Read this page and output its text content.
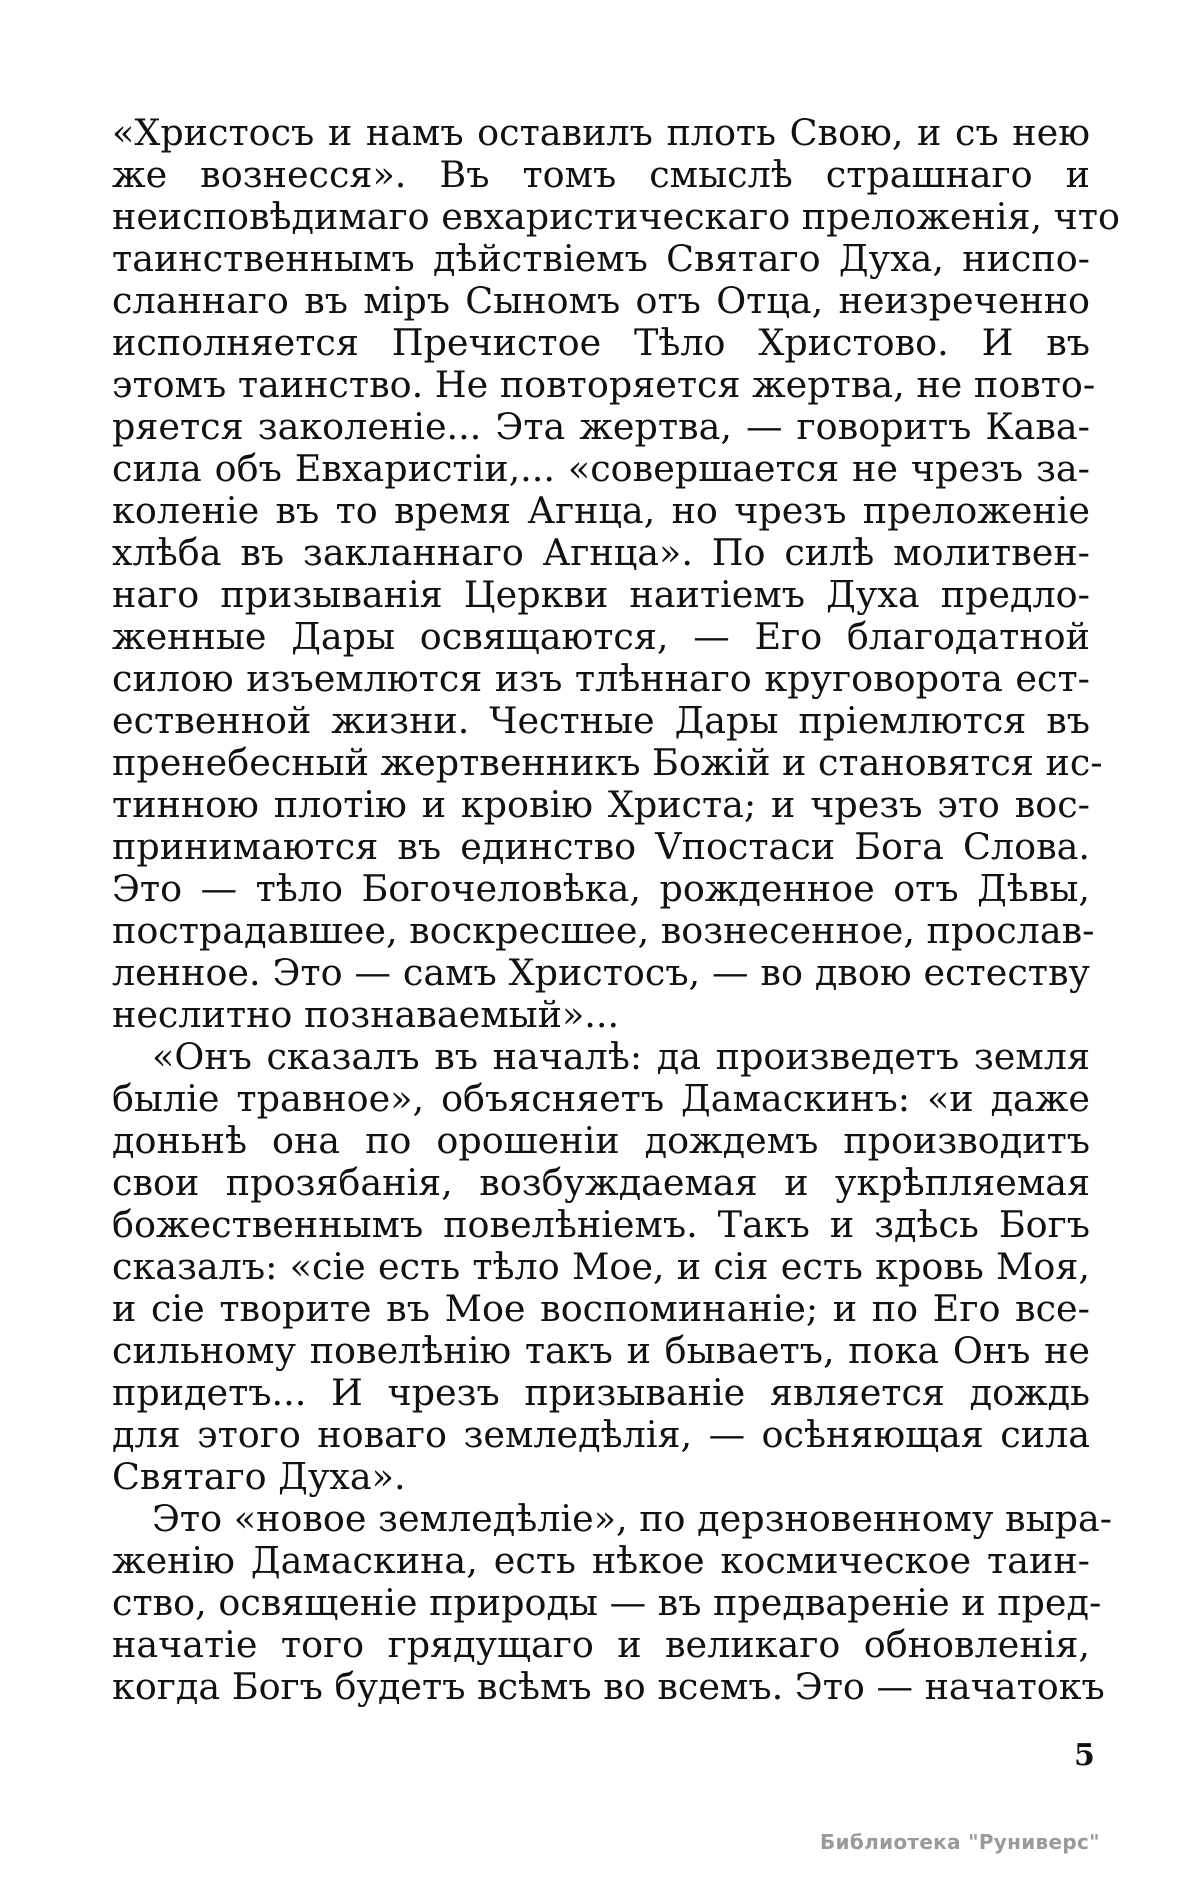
«Христосъ и намъ оставилъ плоть Свою, и съ нею
же вознесся». Въ томъ смыслѣ страшнаго и
неисповѣдимаго евхаристическаго преложенія, что
таинственнымъ дѣйствіемъ Святаго Духа, ниспо-
сланнаго въ міръ Сыномъ отъ Отца, неизреченно
исполняется Пречистое Тѣло Христово. И въ
этомъ таинство. Не повторяется жертва, не повто-
ряется заколеніе... Эта жертва, — говоритъ Кава-
сила объ Евхаристіи,... «совершается не чрезъ за-
коленіе въ то время Агнца, но чрезъ преложеніе
хлѣба въ закланнаго Агнца». По силѣ молитвен-
наго призыванія Церкви наитіемъ Духа предло-
женные Дары освящаются, — Его благодатной
силою изъемлются изъ тлѣннаго круговорота ест-
ественной жизни. Честные Дары пріемлются въ
пренебесный жертвенникъ Божій и становятся ис-
тинною плотію и кровію Христа; и чрезъ это вос-
принимаются въ единство Vпостаси Бога Слова.
Это — тѣло Богочеловѣка, рожденное отъ Дѣвы,
пострадавшее, воскресшее, вознесенное, прослав-
ленное. Это — самъ Христосъ, — во двою естеству
неслитно познаваемый»...
«Онъ сказалъ въ началѣ: да произведетъ земля
быліе травное», объясняетъ Дамаскинъ: «и даже
доньнѣ она по орошеніи дождемъ производитъ
свои прозябанія, возбуждаемая и укрѣпляемая
божественнымъ повелѣніемъ. Такъ и здѣсь Богъ
сказалъ: «сіе есть тѣло Мое, и сія есть кровь Моя,
и сіе творите въ Мое воспоминаніе; и по Его все-
сильному повелѣнію такъ и бываетъ, пока Онъ не
придетъ... И чрезъ призываніе является дождь
для этого новаго земледѣлія, — осѣняющая сила
Святаго Духа».
Это «новое земледѣліе», по дерзновенному выра-
женію Дамаскина, есть нѣкое космическое таин-
ство, освященіе природы — въ предвареніе и пред-
начатіе того грядущаго и великаго обновленія,
когда Богъ будетъ всѣмъ во всемъ. Это — начатокъ
5
Библиотека "Руниверс"
